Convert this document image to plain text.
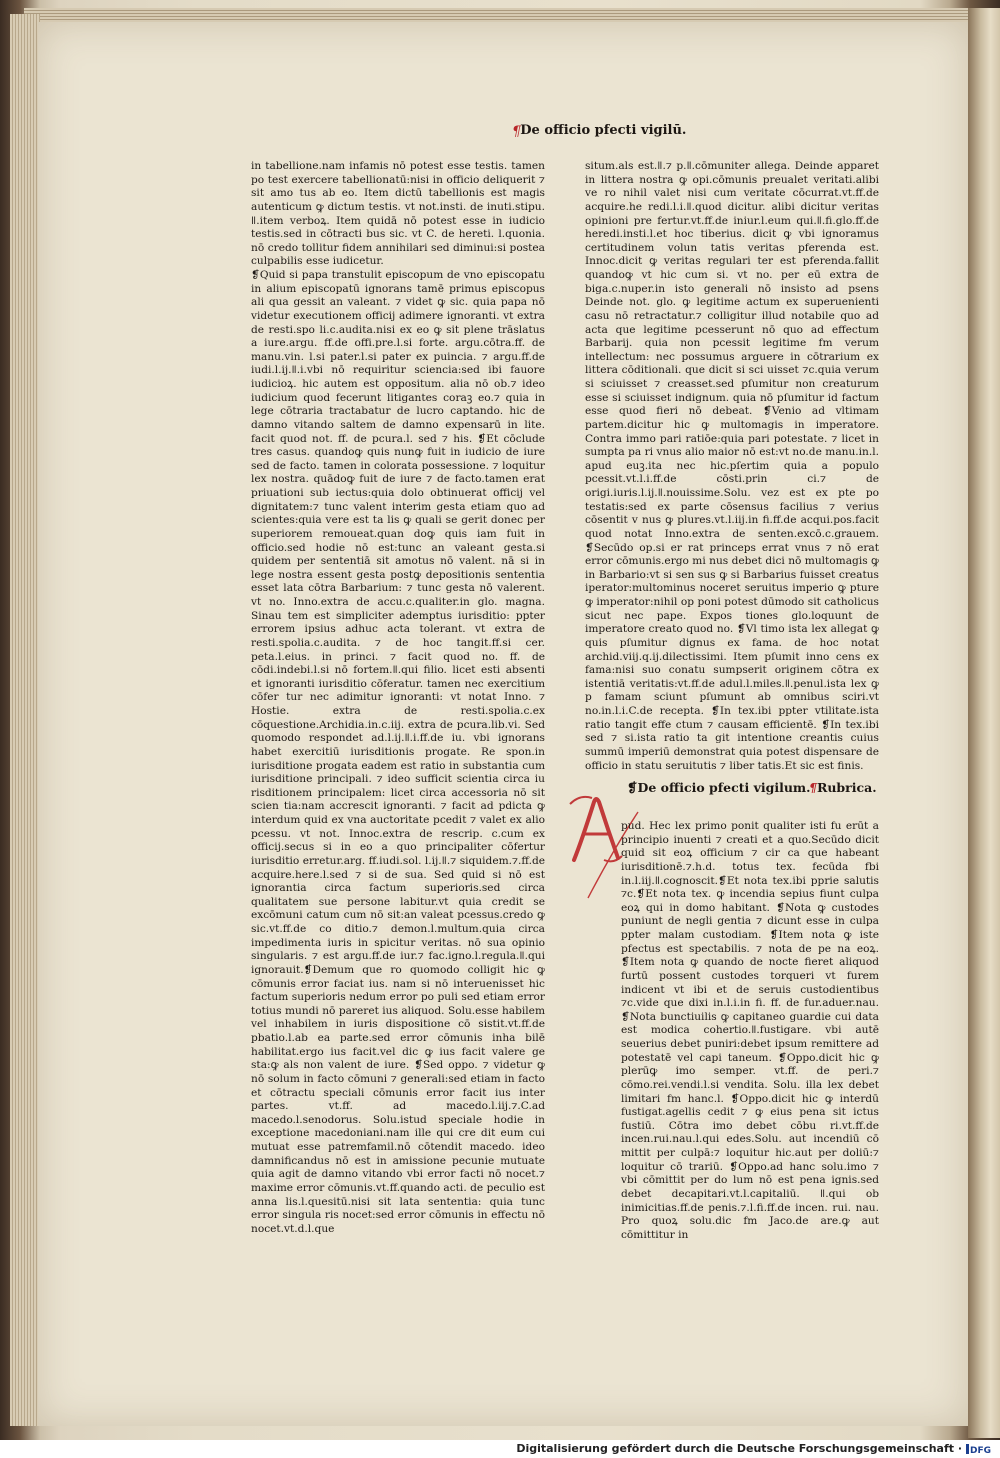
¶ De officio pfecti vigilū.

in tabellione.nam infamis nō potest esse testis. tamen po test exercere tabellionatū:nisi in officio deliquerit ⁊ sit amo tus ab eo. Item dictū tabellionis est magis autenticum ꝙ dictum testis. vt not.insti. de inuti.stipu. ǁ.item verboꝝ. Item quidā nō potest esse in iudicio testis.sed in cōtracti bus sic. vt C. de hereti. l.quonia. nō credo tollitur fidem annihilari sed diminui:si postea culpabilis esse iudicetur.

❡Quid si papa transtulit episcopum de vno episcopatu in alium episcopatū ignorans tamē primus episcopus ali qua gessit an valeant. ⁊ videt ꝙ sic. quia papa nō videtur executionem officij adimere ignoranti. vt extra de resti.spo li.c.audita.nisi ex eo ꝙ sit plene trāslatus a iure.argu. ff.de offi.pre.l.si forte. argu.cōtra.ff. de manu.vin. l.si pater.l.si pater ex puincia. ⁊ argu.ff.de iudi.l.ij.ǁ.i.vbi nō requiritur sciencia:sed ibi fauore iudicioꝝ. hic autem est oppositum. alia nō ob.⁊ ideo iudicium quod fecerunt litigantes coraꝫ eo.⁊ quia in lege cōtraria tractabatur de lucro captando. hic de damno vitando saltem de damno expensarū in lite. facit quod not. ff. de pcura.l. sed ⁊ his. ❡Et cōclude tres casus. quandoꝙ quis nunꝙ fuit in iudicio de iure sed de facto. tamen in colorata possessione. ⁊ loquitur lex nostra. quādoꝙ fuit de iure ⁊ de facto.tamen erat priuationi sub iectus:quia dolo obtinuerat officij vel dignitatem:⁊ tunc valent interim gesta etiam quo ad scientes:quia vere est ta lis ꝙ quali se gerit donec per superiorem remoueat.quan doꝙ quis iam fuit in officio.sed hodie nō est:tunc an valeant gesta.si quidem per sententiā sit amotus nō valent. nā si in lege nostra essent gesta postꝙ depositionis sententia esset lata cōtra Barbarium: ⁊ tunc gesta nō valerent. vt no. Inno.extra de accu.c.qualiter.in glo. magna. Sinau tem est simpliciter ademptus iurisditio: ppter errorem ipsius adhuc acta tolerant. vt extra de resti.spolia.c.audita. ⁊ de hoc tangit.ff.si cer. peta.l.eius. in princi. ⁊ facit quod no. ff. de cōdi.indebi.l.si nō fortem.ǁ.qui filio. licet esti absenti et ignoranti iurisditio cōferatur. tamen nec exercitium cōfer tur nec adimitur ignoranti: vt notat Inno. ⁊ Hostie. extra de resti.spolia.c.ex cōquestione.Archidia.in.c.iij. extra de pcura.lib.vi. Sed quomodo respondet ad.l.ij.ǁ.i.ff.de iu. vbi ignorans habet exercitiū iurisditionis progate. Re spon.in iurisditione progata eadem est ratio in substantia cum iurisditione principali. ⁊ ideo sufficit scientia circa iu risditionem principalem: licet circa accessoria nō sit scien tia:nam accrescit ignoranti. ⁊ facit ad pdicta ꝙ interdum quid ex vna auctoritate pcedit ⁊ valet ex alio pcessu. vt not. Innoc.extra de rescrip. c.cum ex officij.secus si in eo a quo principaliter cōfertur iurisditio erretur.arg. ff.iudi.sol. l.ij.ǁ.⁊ siquidem.⁊.ff.de acquire.here.l.sed ⁊ si de sua. Sed quid si nō est ignorantia circa factum superioris.sed circa qualitatem sue persone labitur.vt quia credit se excōmuni catum cum nō sit:an valeat pcessus.credo ꝙ sic.vt.ff.de co ditio.⁊ demon.l.multum.quia circa impedimenta iuris in spicitur veritas. nō sua opinio singularis. ⁊ est argu.ff.de iur.⁊ fac.igno.l.regula.ǁ.qui ignorauit.❡Demum que ro quomodo colligit hic ꝙ cōmunis error faciat ius. nam si nō interuenisset hic factum superioris nedum error po puli sed etiam error totius mundi nō pareret ius aliquod. Solu.esse habilem vel inhabilem in iuris dispositione cō sistit.vt.ff.de pbatio.l.ab ea parte.sed error cōmunis inha bilē habilitat.ergo ius facit.vel dic ꝙ ius facit valere ge sta:ꝙ als non valent de iure. ❡Sed oppo. ⁊ videtur ꝙ nō solum in facto cōmuni ⁊ generali:sed etiam in facto et cōtractu speciali cōmunis error facit ius inter partes. vt.ff. ad macedo.l.iij.⁊.C.ad macedo.l.senodorus. Solu.istud speciale hodie in exceptione macedoniani.nam ille qui cre dit eum cui mutuat esse patremfamil.nō cōtendit macedo. ideo damnificandus nō est in amissione pecunie mutuate quia agit de damno vitando vbi error facti nō nocet.⁊ maxime error cōmunis.vt.ff.quando acti. de peculio est anna lis.l.quesitū.nisi sit lata sententia: quia tunc error singula ris nocet:sed error cōmunis in effectu nō nocet.vt.d.l.que

situm.als est.ǁ.⁊ p.ǁ.cōmuniter allega. Deinde apparet in littera nostra ꝙ opi.cōmunis preualet veritati.alibi ve ro nihil valet nisi cum veritate cōcurrat.vt.ff.de acquire.he redi.l.i.ǁ.quod dicitur. alibi dicitur veritas opinioni pre fertur.vt.ff.de iniur.l.eum qui.ǁ.fi.glo.ff.de heredi.insti.l.et hoc tiberius. dicit ꝙ vbi ignoramus certitudinem volun tatis veritas pferenda est. Innoc.dicit ꝙ veritas regulari ter est pferenda.fallit quandoꝙ vt hic cum si. vt no. per eū extra de biga.c.nuper.in isto generali nō insisto ad psens Deinde not. glo. ꝙ legitime actum ex superuenienti casu nō retractatur.⁊ colligitur illud notabile quo ad acta que legitime pcesserunt nō quo ad effectum Barbarij. quia non pcessit legitime fm verum intellectum: nec possumus arguere in cōtrarium ex littera cōditionali. que dicit si sci uisset ⁊c.quia verum si sciuisset ⁊ creasset.sed pſumitur non creaturum esse si sciuisset indignum. quia nō pſumitur id factum esse quod fieri nō debeat. ❡Venio ad vltimam partem.dicitur hic ꝙ multomagis in imperatore. Contra immo pari ratiōe:quia pari potestate. ⁊ licet in sumpta pa ri vnus alio maior nō est:vt no.de manu.in.l. apud euꝫ.ita nec hic.pſertim quia a populo pcessit.vt.l.i.ff.de cōsti.prin ci.⁊ de origi.iuris.l.ij.ǁ.nouissime.Solu. vez est ex pte po testatis:sed ex parte cōsensus facilius ⁊ verius cōsentit v nus ꝙ plures.vt.l.iij.in fi.ff.de acqui.pos.facit quod notat Inno.extra de senten.excō.c.grauem. ❡Secūdo op.si er rat princeps errat vnus ⁊ nō erat error cōmunis.ergo mi nus debet dici nō multomagis ꝙ in Barbario:vt si sen sus ꝙ si Barbarius fuisset creatus iperator:multominus noceret seruitus imperio ꝙ pture ꝙ imperator:nihil op poni potest dūmodo sit catholicus sicut nec pape. Expos tiones glo.loquunt de imperatore creato quod no. ❡Vl timo ista lex allegat ꝙ quis pſumitur dignus ex fama. de hoc notat archid.viij.q.ij.dilectissimi. Item pſumit inno cens ex fama:nisi suo conatu sumpserit originem cōtra ex istentiā veritatis:vt.ff.de adul.l.miles.ǁ.penul.ista lex ꝙ p famam sciunt pſumunt ab omnibus sciri.vt no.in.l.i.C.de recepta. ❡In tex.ibi ppter vtilitate.ista ratio tangit effe ctum ⁊ causam efficientē. ❡In tex.ibi sed ⁊ si.ista ratio ta git intentione creantis cuius summū imperiū demonstrat quia potest dispensare de officio in statu seruitutis ⁊ liber tatis.Et sic est finis.

❡De officio pfecti vigilum.
¶Rubrica.

pud. Hec lex primo ponit qualiter isti fu erūt a principio inuenti ⁊ creati et a quo.Secūdo dicit quid sit eoꝝ officium ⁊ cir ca que habeant iurisditionē.⁊.h.d. totus tex. fecūda fbi in.l.iij.ǁ.cognoscit.❡Et nota tex.ibi pprie salutis ⁊c.❡Et nota tex. ꝙ incendia sepius fiunt culpa eoꝝ qui in domo habitant. ❡Nota ꝙ custodes puniunt de negli gentia ⁊ dicunt esse in culpa ppter malam custodiam. ❡Item nota ꝙ iste pfectus est spectabilis. ⁊ nota de pe na eoꝝ. ❡Item nota ꝙ quando de nocte fieret aliquod furtū possent custodes torqueri vt furem indicent vt ibi et de seruis custodientibus ⁊c.vide que dixi in.l.i.in fi. ff. de fur.aduer.nau. ❡Nota bunctiuilis ꝙ capitaneo guardie cui data est modica cohertio.ǁ.fustigare. vbi autē seuerius debet puniri:debet ipsum remittere ad potestatē vel capi taneum. ❡Oppo.dicit hic ꝙ plerūꝙ imo semper. vt.ff. de peri.⁊ cōmo.rei.vendi.l.si vendita. Solu. illa lex debet limitari fm hanc.l. ❡Oppo.dicit hic ꝙ interdū fustigat.agellis cedit ⁊ ꝙ eius pena sit ictus fustiū. Cōtra imo debet cōbu ri.vt.ff.de incen.rui.nau.l.qui edes.Solu. aut incendiū cō mittit per culpā:⁊ loquitur hic.aut per doliū:⁊ loquitur cō trariū. ❡Oppo.ad hanc solu.imo ⁊ vbi cōmittit per do lum nō est pena ignis.sed debet decapitari.vt.l.capitaliū. ǁ.qui ob inimicitias.ff.de penis.⁊.l.fi.ff.de incen. rui. nau. Pro quoꝝ solu.dic fm Jaco.de are.ꝙ aut cōmittitur in

Digitalisierung gefördert durch die Deutsche Forschungsgemeinschaft · DFG
